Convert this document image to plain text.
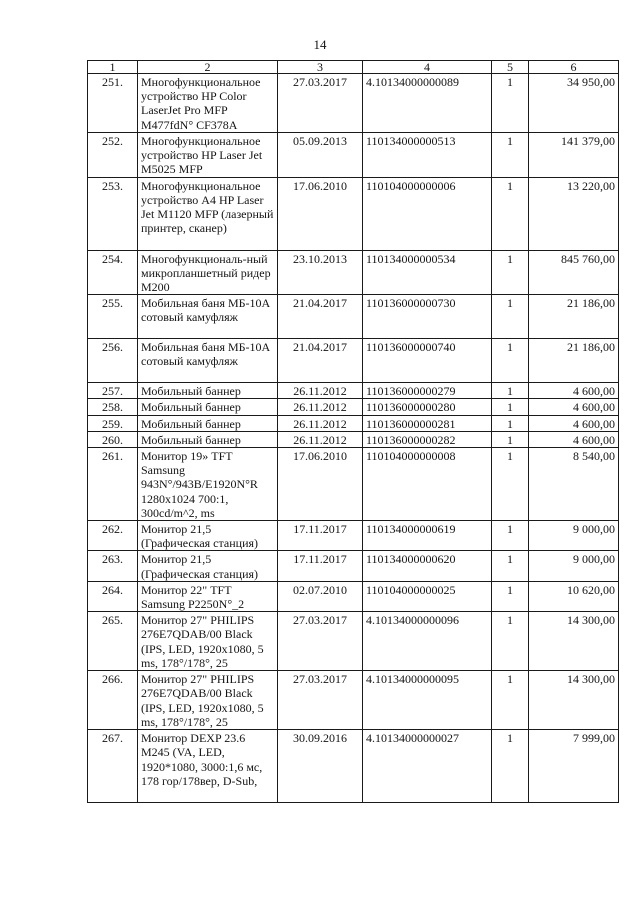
14
1	2	3	4	5	6
251.	Многофункциональное устройство HP Color LaserJet Pro MFP M477fdN° CF378A	27.03.2017	4.10134000000089	1	34 950,00
252.	Многофункциональное устройство HP Laser Jet M5025 MFP	05.09.2013	110134000000513	1	141 379,00
253.	Многофункциональное устройство A4 HP Laser Jet M1120 MFP (лазерный принтер, сканер)	17.06.2010	110104000000006	1	13 220,00
254.	Многофункциональ-ный микропланшетный ридер M200	23.10.2013	110134000000534	1	845 760,00
255.	Мобильная баня МБ-10А сотовый камуфляж	21.04.2017	110136000000730	1	21 186,00
256.	Мобильная баня МБ-10А сотовый камуфляж	21.04.2017	110136000000740	1	21 186,00
257.	Мобильный баннер	26.11.2012	110136000000279	1	4 600,00
258.	Мобильный баннер	26.11.2012	110136000000280	1	4 600,00
259.	Мобильный баннер	26.11.2012	110136000000281	1	4 600,00
260.	Мобильный баннер	26.11.2012	110136000000282	1	4 600,00
261.	Монитор 19» TFT Samsung 943N°/943B/E1920N°R 1280x1024 700:1, 300cd/m^2, ms	17.06.2010	110104000000008	1	8 540,00
262.	Монитор 21,5 (Графическая станция)	17.11.2017	110134000000619	1	9 000,00
263.	Монитор 21,5 (Графическая станция)	17.11.2017	110134000000620	1	9 000,00
264.	Монитор 22" TFT Samsung P2250N°_2	02.07.2010	110104000000025	1	10 620,00
265.	Монитор 27" PHILIPS 276E7QDAB/00 Black (IPS, LED, 1920x1080, 5 ms, 178°/178°, 25	27.03.2017	4.10134000000096	1	14 300,00
266.	Монитор 27" PHILIPS 276E7QDAB/00 Black (IPS, LED, 1920x1080, 5 ms, 178°/178°, 25	27.03.2017	4.10134000000095	1	14 300,00
267.	Монитор DEXP 23.6 M245 (VA, LED, 1920*1080, 3000:1,6 мс, 178 гор/178вер, D-Sub,	30.09.2016	4.10134000000027	1	7 999,00
